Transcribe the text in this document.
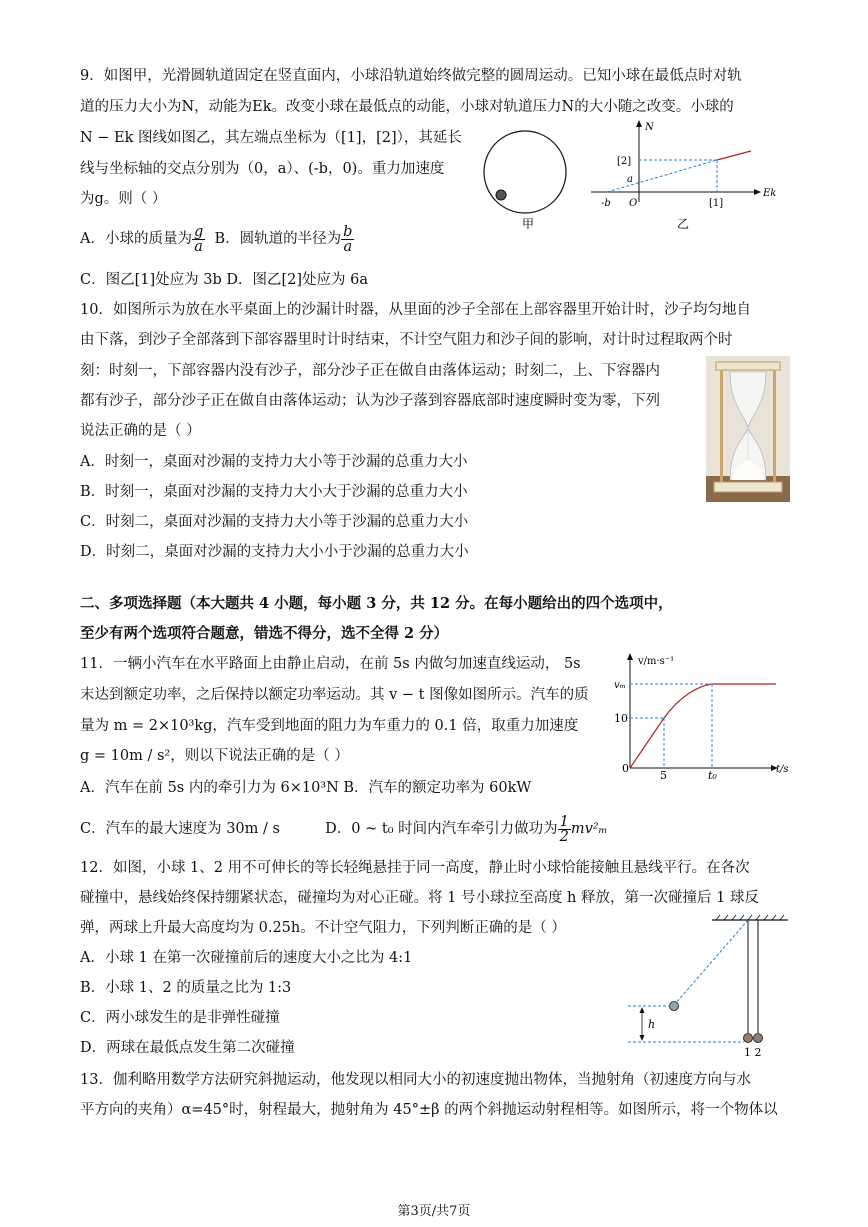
9．如图甲，光滑圆轨道固定在竖直面内，小球沿轨道始终做完整的圆周运动。已知小球在最低点时对轨
道的压力大小为N，动能为Ek。改变小球在最低点的动能，小球对轨道压力N的大小随之改变。小球的
N − Ek 图线如图乙，其左端点坐标为（[1]，[2]），其延长
线与坐标轴的交点分别为（0，a）、(-b，0)。重力加速度
为g。则（ ）
A．小球的质量为 $\frac{g}{a}$ B．圆轨道的半径为 $\frac{b}{a}$
C．图乙[1]处应为 3b D．图乙[2]处应为 6a
甲
N
Ek
[2]
a
-b O	[1]
乙
10．如图所示为放在水平桌面上的沙漏计时器，从里面的沙子全部在上部容器里开始计时，沙子均匀地自
由下落，到沙子全部落到下部容器里时计时结束，不计空气阻力和沙子间的影响，对计时过程取两个时
刻：时刻一，下部容器内没有沙子，部分沙子正在做自由落体运动；时刻二，上、下容器内
都有沙子，部分沙子正在做自由落体运动；认为沙子落到容器底部时速度瞬时变为零，下列
说法正确的是（ ）
A．时刻一，桌面对沙漏的支持力大小等于沙漏的总重力大小
B．时刻一，桌面对沙漏的支持力大小大于沙漏的总重力大小
C．时刻二，桌面对沙漏的支持力大小等于沙漏的总重力大小
D．时刻二，桌面对沙漏的支持力大小小于沙漏的总重力大小
二、多项选择题（本大题共 4 小题，每小题 3 分，共 12 分。在每小题给出的四个选项中，
至少有两个选项符合题意，错选不得分，选不全得 2 分）
11．一辆小汽车在水平路面上由静止启动，在前 5s 内做匀加速直线运动， 5s
末达到额定功率，之后保持以额定功率运动。其 v − t 图像如图所示。汽车的质
量为 m = 2×10³kg，汽车受到地面的阻力为车重力的 0.1 倍，取重力加速度
g = 10m / s²，则以下说法正确的是（ ）
A．汽车在前 5s 内的牵引力为 6×10³N B．汽车的额定功率为 60kW
C．汽车的最大速度为 30m / s	D．0 ~ t₀ 时间内汽车牵引力做功为 $\frac{1}{2} mv^2_m$
v/m·s⁻¹
vₘ
10
0
5	t₀	t/s
12．如图，小球 1、2 用不可伸长的等长轻绳悬挂于同一高度，静止时小球恰能接触且悬线平行。在各次
碰撞中，悬线始终保持绷紧状态，碰撞均为对心正碰。将 1 号小球拉至高度 h 释放，第一次碰撞后 1 球反
弹，两球上升最大高度均为 0.25h。不计空气阻力，下列判断正确的是（ ）
A．小球 1 在第一次碰撞前后的速度大小之比为 4:1
B．小球 1、2 的质量之比为 1:3
C．两小球发生的是非弹性碰撞
D．两球在最低点发生第二次碰撞
h
1 2
13．伽利略用数学方法研究斜抛运动，他发现以相同大小的初速度抛出物体，当抛射角（初速度方向与水
平方向的夹角）α=45°时，射程最大，抛射角为 45°±β 的两个斜抛运动射程相等。如图所示，将一个物体以
第3页/共7页
